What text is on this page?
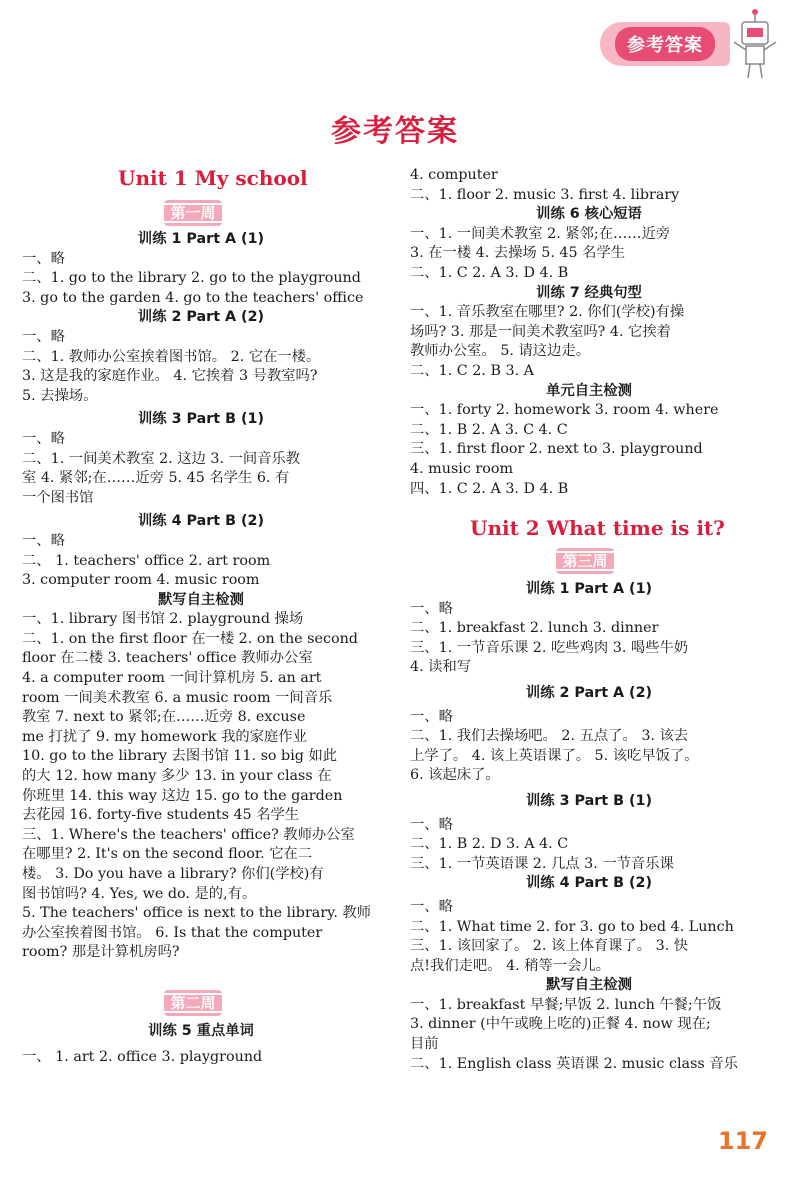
参考答案
参考答案
Unit 1 My school
第一周
训练 1 Part A (1)
一、略
二、1. go to the library 2. go to the playground
3. go to the garden 4. go to the teachers' office
训练 2 Part A (2)
一、略
二、1. 教师办公室挨着图书馆。 2. 它在一楼。
3. 这是我的家庭作业。 4. 它挨着 3 号教室吗?
5. 去操场。
训练 3 Part B (1)
一、略
二、1. 一间美术教室 2. 这边 3. 一间音乐教
室 4. 紧邻;在……近旁 5. 45 名学生 6. 有
一个图书馆
训练 4 Part B (2)
一、略
二、 1. teachers' office 2. art room
3. computer room 4. music room
默写自主检测
一、1. library 图书馆 2. playground 操场
二、1. on the first floor 在一楼 2. on the second
floor 在二楼 3. teachers' office 教师办公室
4. a computer room 一间计算机房 5. an art
room 一间美术教室 6. a music room 一间音乐
教室 7. next to 紧邻;在……近旁 8. excuse
me 打扰了 9. my homework 我的家庭作业
10. go to the library 去图书馆 11. so big 如此
的大 12. how many 多少 13. in your class 在
你班里 14. this way 这边 15. go to the garden
去花园 16. forty-five students 45 名学生
三、1. Where's the teachers' office? 教师办公室
在哪里? 2. It's on the second floor. 它在二
楼。 3. Do you have a library? 你们(学校)有
图书馆吗? 4. Yes, we do. 是的,有。
5. The teachers' office is next to the library. 教师
办公室挨着图书馆。 6. Is that the computer
room? 那是计算机房吗?
第二周
训练 5 重点单词
一、 1. art 2. office 3. playground
4. computer
二、1. floor 2. music 3. first 4. library
训练 6 核心短语
一、1. 一间美术教室 2. 紧邻;在……近旁
3. 在一楼 4. 去操场 5. 45 名学生
二、1. C 2. A 3. D 4. B
训练 7 经典句型
一、1. 音乐教室在哪里? 2. 你们(学校)有操
场吗? 3. 那是一间美术教室吗? 4. 它挨着
教师办公室。 5. 请这边走。
二、1. C 2. B 3. A
单元自主检测
一、1. forty 2. homework 3. room 4. where
二、1. B 2. A 3. C 4. C
三、1. first floor 2. next to 3. playground
4. music room
四、1. C 2. A 3. D 4. B
Unit 2 What time is it?
第三周
训练 1 Part A (1)
一、略
二、1. breakfast 2. lunch 3. dinner
三、1. 一节音乐课 2. 吃些鸡肉 3. 喝些牛奶
4. 读和写
训练 2 Part A (2)
一、略
二、1. 我们去操场吧。 2. 五点了。 3. 该去
上学了。 4. 该上英语课了。 5. 该吃早饭了。
6. 该起床了。
训练 3 Part B (1)
一、略
二、1. B 2. D 3. A 4. C
三、1. 一节英语课 2. 几点 3. 一节音乐课
训练 4 Part B (2)
一、略
二、1. What time 2. for 3. go to bed 4. Lunch
三、1. 该回家了。 2. 该上体育课了。 3. 快
点!我们走吧。 4. 稍等一会儿。
默写自主检测
一、1. breakfast 早餐;早饭 2. lunch 午餐;午饭
3. dinner (中午或晚上吃的)正餐 4. now 现在;
目前
二、1. English class 英语课 2. music class 音乐
117
